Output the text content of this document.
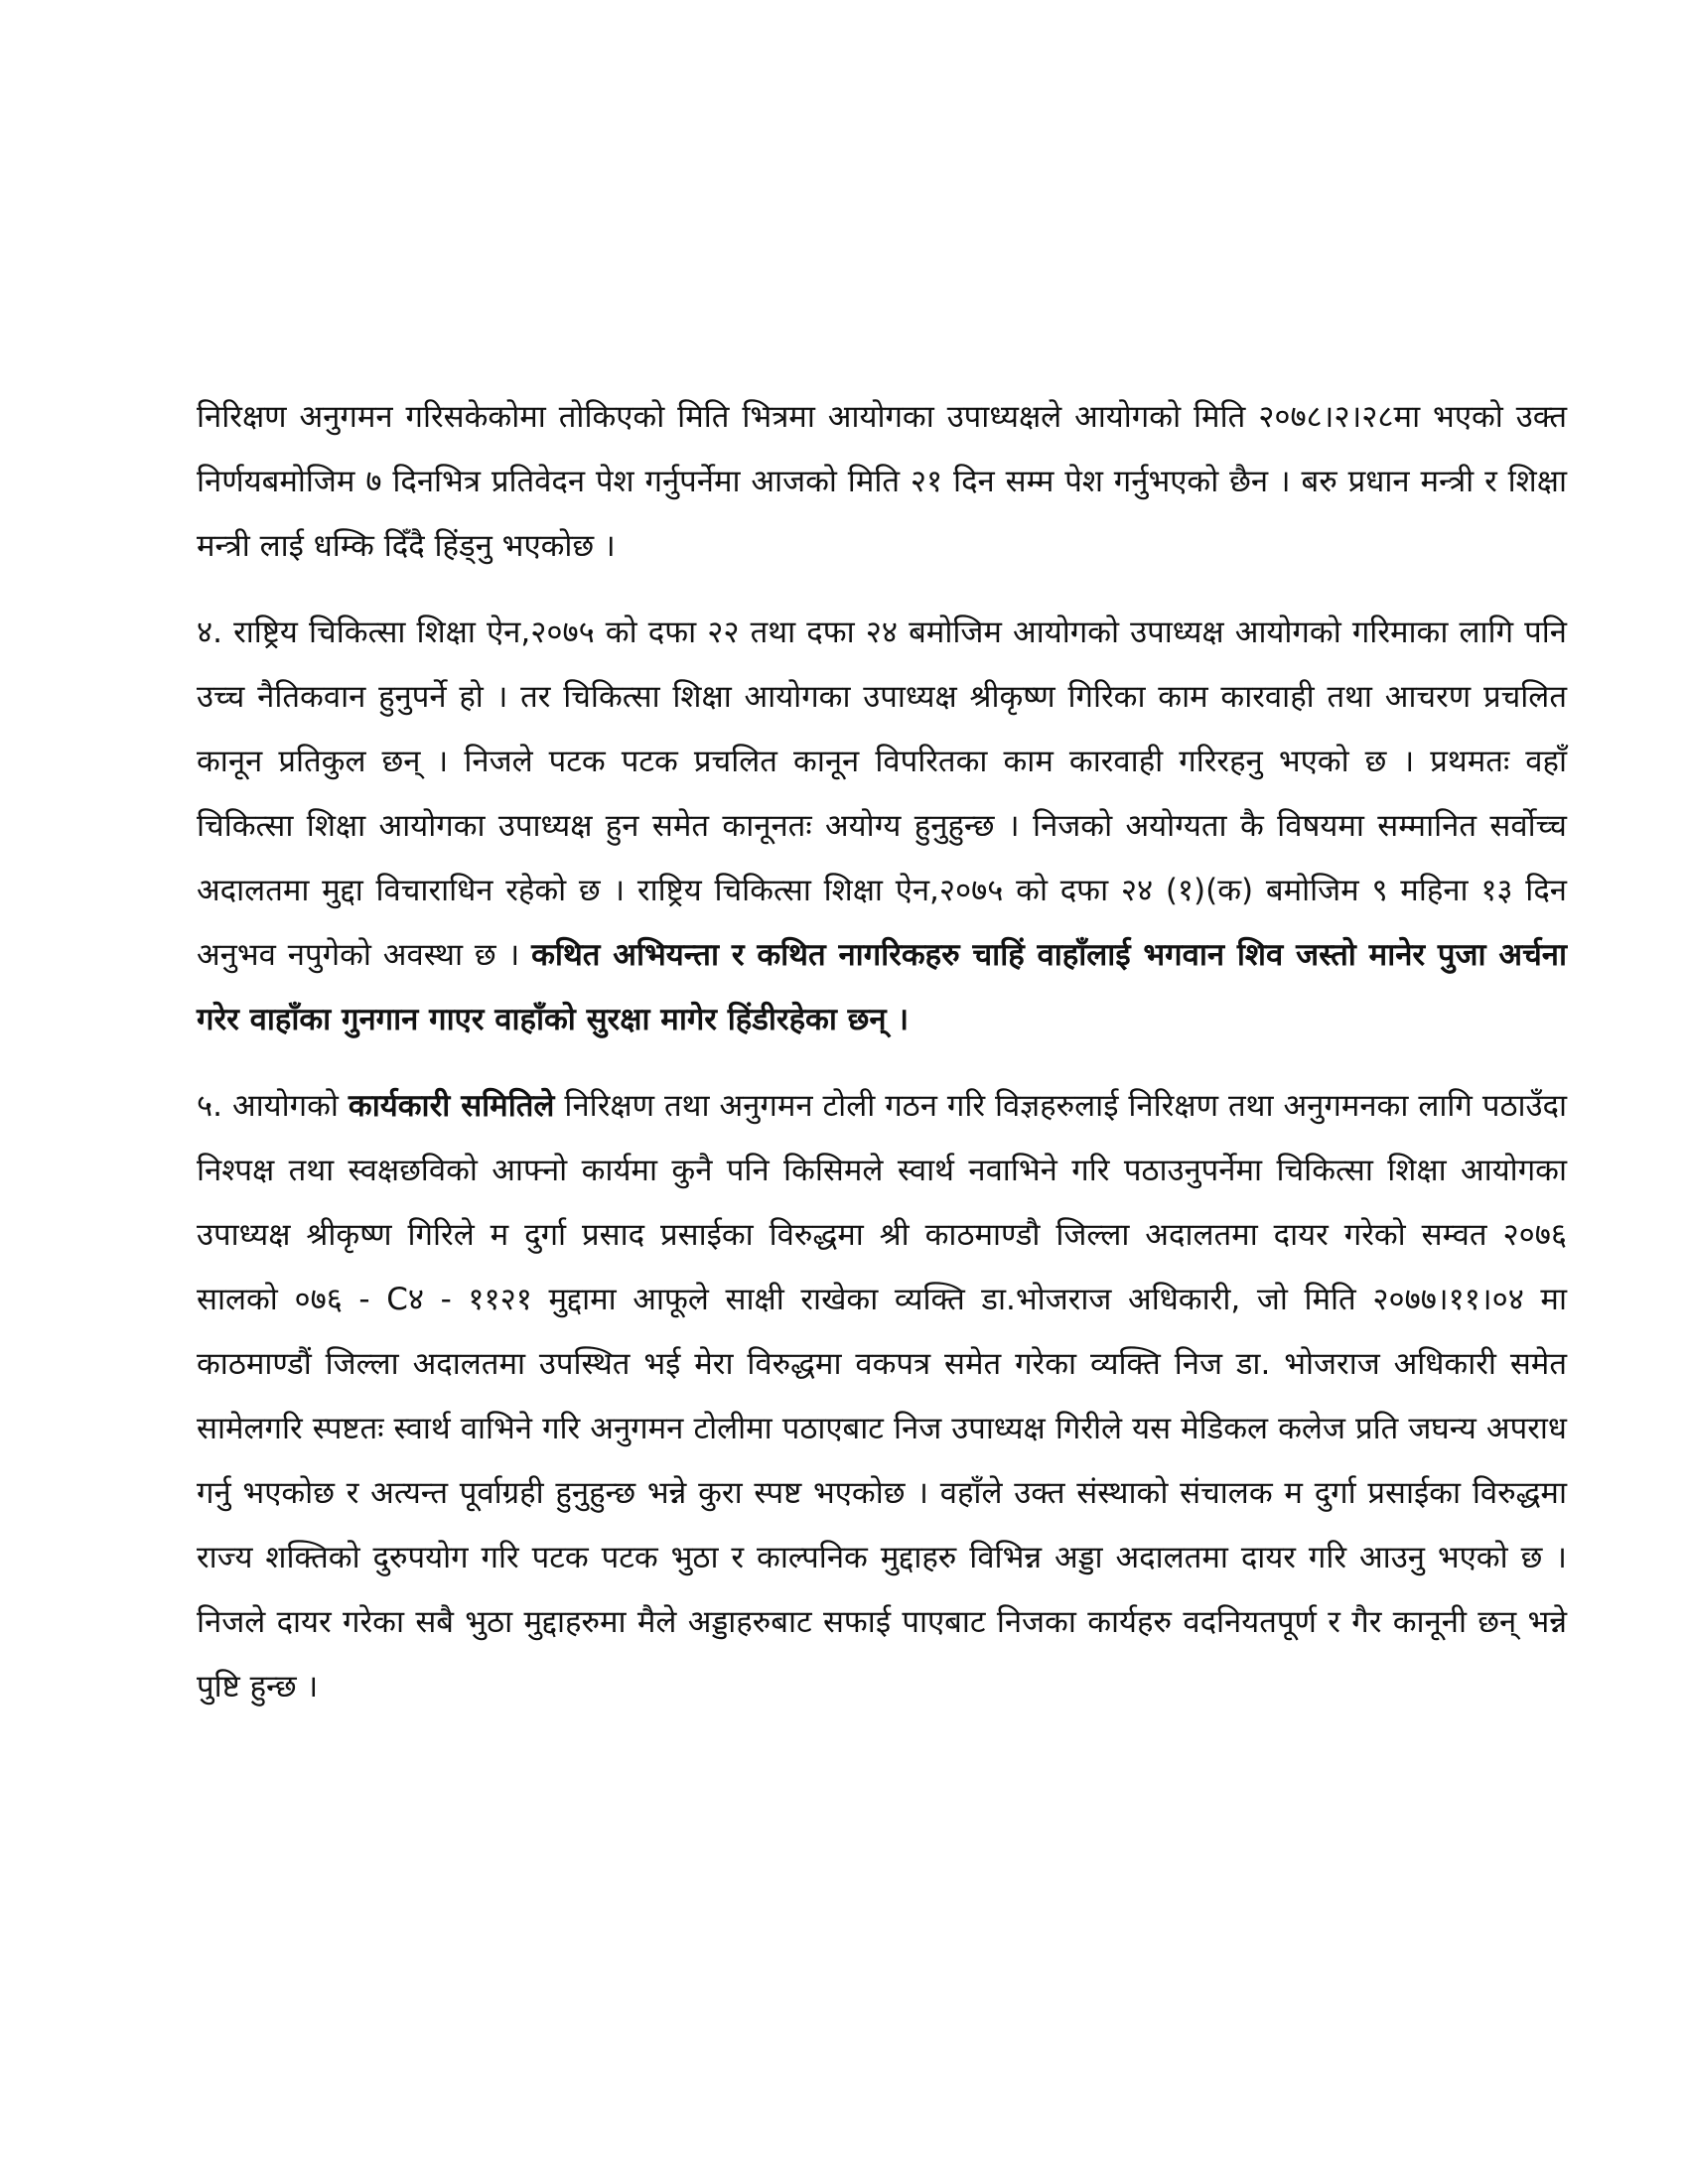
निरिक्षण अनुगमन गरिसकेकोमा तोकिएको मिति भित्रमा आयोगका उपाध्यक्षले आयोगको मिति २०७८।२।२८मा भएको उक्त निर्णयबमोजिम ७ दिनभित्र प्रतिवेदन पेश गर्नुपर्नेमा आजको मिति २१ दिन सम्म पेश गर्नुभएको छैन । बरु प्रधान मन्त्री र शिक्षा मन्त्री लाई धम्कि दिँदै हिंड्नु भएकोछ ।

४. राष्ट्रिय चिकित्सा शिक्षा ऐन,२०७५ को दफा २२ तथा दफा २४ बमोजिम आयोगको उपाध्यक्ष आयोगको गरिमाका लागि पनि उच्च नैतिकवान हुनुपर्ने हो । तर चिकित्सा शिक्षा आयोगका उपाध्यक्ष श्रीकृष्ण गिरिका काम कारवाही तथा आचरण प्रचलित कानून प्रतिकुल छन् । निजले पटक पटक प्रचलित कानून विपरितका काम कारवाही गरिरहनु भएको छ । प्रथमतः वहाँ चिकित्सा शिक्षा आयोगका उपाध्यक्ष हुन समेत कानूनतः अयोग्य हुनुहुन्छ । निजको अयोग्यता कै विषयमा सम्मानित सर्वोच्च अदालतमा मुद्दा विचाराधिन रहेको छ । राष्ट्रिय चिकित्सा शिक्षा ऐन,२०७५ को दफा २४ (१)(क) बमोजिम ९ महिना १३ दिन अनुभव नपुगेको अवस्था छ । कथित अभियन्ता र कथित नागरिकहरु चाहिं वाहाँलाई भगवान शिव जस्तो मानेर पुजा अर्चना गरेर वाहाँका गुनगान गाएर वाहाँको सुरक्षा मागेर हिंडीरहेका छन् ।

५. आयोगको कार्यकारी समितिले निरिक्षण तथा अनुगमन टोली गठन गरि विज्ञहरुलाई निरिक्षण तथा अनुगमनका लागि पठाउँदा निश्पक्ष तथा स्वक्षछविको आफ्नो कार्यमा कुनै पनि किसिमले स्वार्थ नवाभिने गरि पठाउनुपर्नेमा चिकित्सा शिक्षा आयोगका उपाध्यक्ष श्रीकृष्ण गिरिले म दुर्गा प्रसाद प्रसाईका विरुद्धमा श्री काठमाण्डौ जिल्ला अदालतमा दायर गरेको सम्वत २०७६ सालको ०७६ - C४ - ११२१ मुद्दामा आफूले साक्षी राखेका व्यक्ति डा.भोजराज अधिकारी, जो मिति २०७७।११।०४ मा काठमाण्डौं जिल्ला अदालतमा उपस्थित भई मेरा विरुद्धमा वकपत्र समेत गरेका व्यक्ति निज डा. भोजराज अधिकारी समेत सामेलगरि स्पष्टतः स्वार्थ वाभिने गरि अनुगमन टोलीमा पठाएबाट निज उपाध्यक्ष गिरीले यस मेडिकल कलेज प्रति जघन्य अपराध गर्नु भएकोछ र अत्यन्त पूर्वाग्रही हुनुहुन्छ भन्ने कुरा स्पष्ट भएकोछ । वहाँले उक्त संस्थाको संचालक म दुर्गा प्रसाईका विरुद्धमा राज्य शक्तिको दुरुपयोग गरि पटक पटक भुठा र काल्पनिक मुद्दाहरु विभिन्न अड्डा अदालतमा दायर गरि आउनु भएको छ । निजले दायर गरेका सबै भुठा मुद्दाहरुमा मैले अड्डाहरुबाट सफाई पाएबाट निजका कार्यहरु वदनियतपूर्ण र गैर कानूनी छन् भन्ने पुष्टि हुन्छ ।
